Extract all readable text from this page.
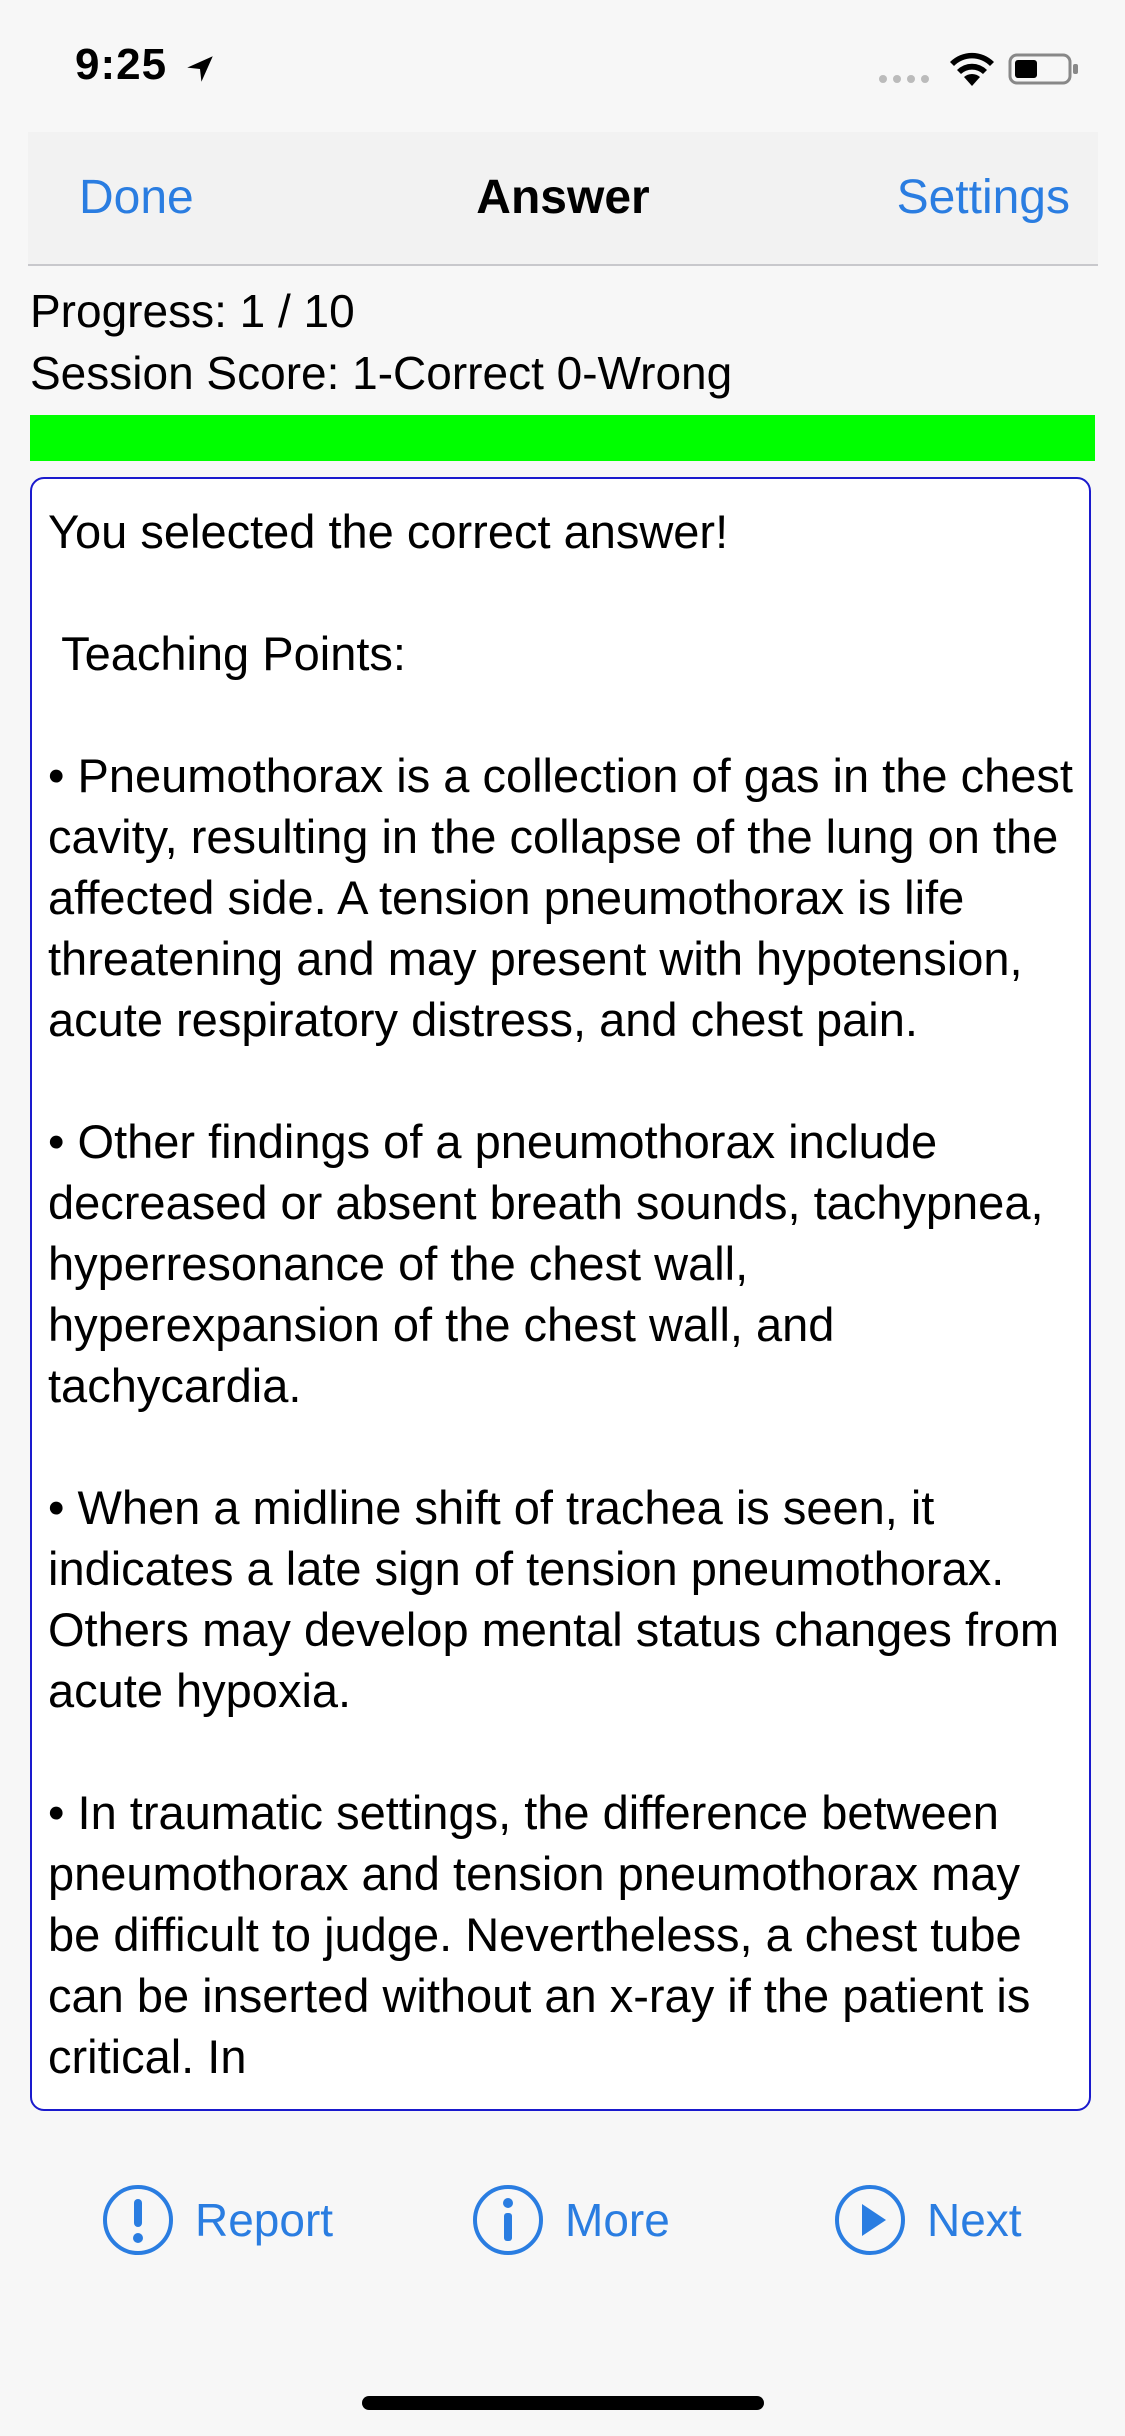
9:25
Done	Answer	Settings
Progress: 1 / 10
Session Score: 1-Correct 0-Wrong
You selected the correct answer!

Teaching Points:

• Pneumothorax is a collection of gas in the chest cavity, resulting in the collapse of the lung on the affected side. A tension pneumothorax is life threatening and may present with hypotension, acute respiratory distress, and chest pain.

• Other findings of a pneumothorax include decreased or absent breath sounds, tachypnea, hyperresonance of the chest wall, hyperexpansion of the chest wall, and tachycardia.

• When a midline shift of trachea is seen, it indicates a late sign of tension pneumothorax. Others may develop mental status changes from acute hypoxia.

• In traumatic settings, the difference between pneumothorax and tension pneumothorax may be difficult to judge. Nevertheless, a chest tube can be inserted without an x-ray if the patient is critical. In
Report	More	Next
